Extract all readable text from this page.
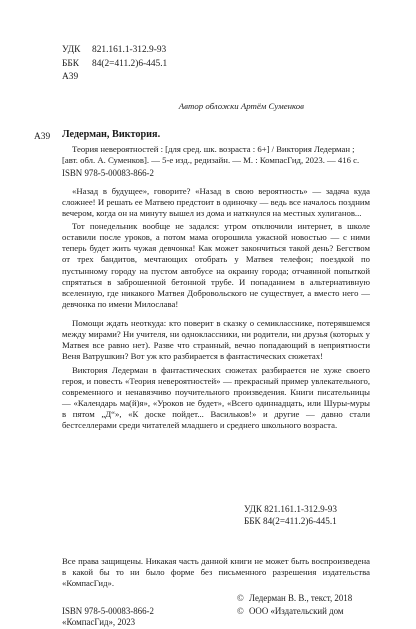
УДК 821.161.1-312.9-93
ББК 84(2=411.2)6-445.1
А39
Автор обложки Артём Суменков
А39 Ледерман, Виктория.
Теория невероятностей : [для сред. шк. возраста : 6+] / Виктория Ледерман ; [авт. обл. А. Суменков]. — 5-е изд., редизайн. — М. : КомпасГид, 2023. — 416 с.
ISBN 978-5-00083-866-2

«Назад в будущее», говорите? «Назад в свою вероятность» — задача куда сложнее! И решать ее Матвею предстоит в одиночку — ведь все началось поздним вечером, когда он на минуту вышел из дома и наткнулся на местных хулиганов...

Тот понедельник вообще не задался: утром отключили интернет, в школе оставили после уроков, а потом мама огорошила ужасной новостью — с ними теперь будет жить чужая девчонка! Как может закончиться такой день? Бегством от трех бандитов, мечтающих отобрать у Матвея телефон; поездкой по пустынному городу на пустом автобусе на окраину города; отчаянной попыткой спрятаться в заброшенной бетонной трубе. И попаданием в альтернативную вселенную, где никакого Матвея Добровольского не существует, а вместо него — девчонка по имени Милослава!

Помощи ждать неоткуда: кто поверит в сказку о семикласснике, потерявшемся между мирами? Ни учителя, ни одноклассники, ни родители, ни друзья (которых у Матвея все равно нет). Разве что странный, вечно попадающий в неприятности Веня Ватрушкин? Вот уж кто разбирается в фантастических сюжетах!

Виктория Ледерман в фантастических сюжетах разбирается не хуже своего героя, и повесть «Теория невероятностей» — прекрасный пример увлекательного, современного и ненавязчиво поучительного произведения. Книги писательницы — «Календарь ма(й)я», «Уроков не будет», «Всего одиннадцать, или Шуры-муры в пятом „Д“», «К доске пойдет... Васильков!» и другие — давно стали бестселлерами среди читателей младшего и среднего школьного возраста.

УДК 821.161.1-312.9-93
ББК 84(2=411.2)6-445.1
Все права защищены. Никакая часть данной книги не может быть воспроизведена в какой бы то ни было форме без письменного разрешения издательства «КомпасГид».
© Ледерман В. В., текст, 2018
ISBN 978-5-00083-866-2	© ООО «Издательский дом «КомпасГид», 2023
